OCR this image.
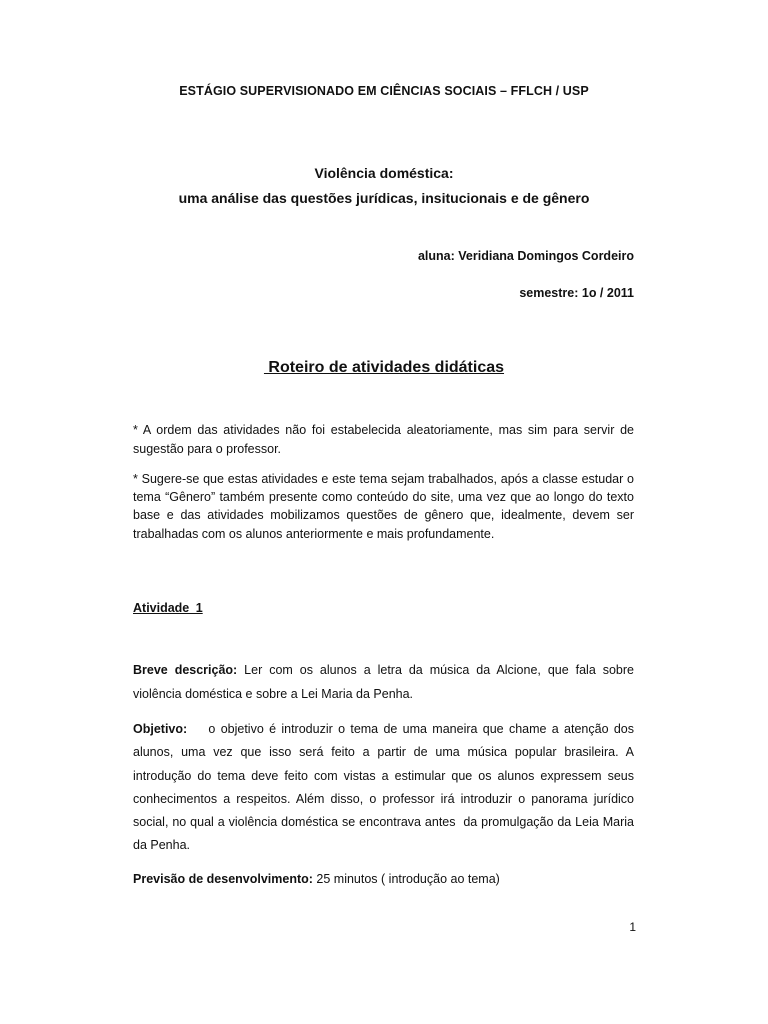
ESTÁGIO SUPERVISIONADO EM CIÊNCIAS SOCIAIS – FFLCH / USP
Violência doméstica:
uma análise das questões jurídicas, insitucionais e de gênero
aluna: Veridiana Domingos Cordeiro
semestre: 1o / 2011
Roteiro de atividades didáticas
* A ordem das atividades não foi estabelecida aleatoriamente, mas sim para servir de sugestão para o professor.
* Sugere-se que estas atividades e este tema sejam trabalhados, após a classe estudar o tema “Gênero” também presente como conteúdo do site, uma vez que ao longo do texto base e das atividades mobilizamos questões de gênero que, idealmente, devem ser trabalhadas com os alunos anteriormente e mais profundamente.
Atividade 1
Breve descrição: Ler com os alunos a letra da música da Alcione, que fala sobre violência doméstica e sobre a Lei Maria da Penha.
Objetivo:    o objetivo é introduzir o tema de uma maneira que chame a atenção dos alunos, uma vez que isso será feito a partir de uma música popular brasileira. A introdução do tema deve feito com vistas a estimular que os alunos expressem seus conhecimentos a respeitos. Além disso, o professor irá introduzir o panorama jurídico social, no qual a violência doméstica se encontrava antes  da promulgação da Leia Maria da Penha.
Previsão de desenvolvimento: 25 minutos ( introdução ao tema)
1
